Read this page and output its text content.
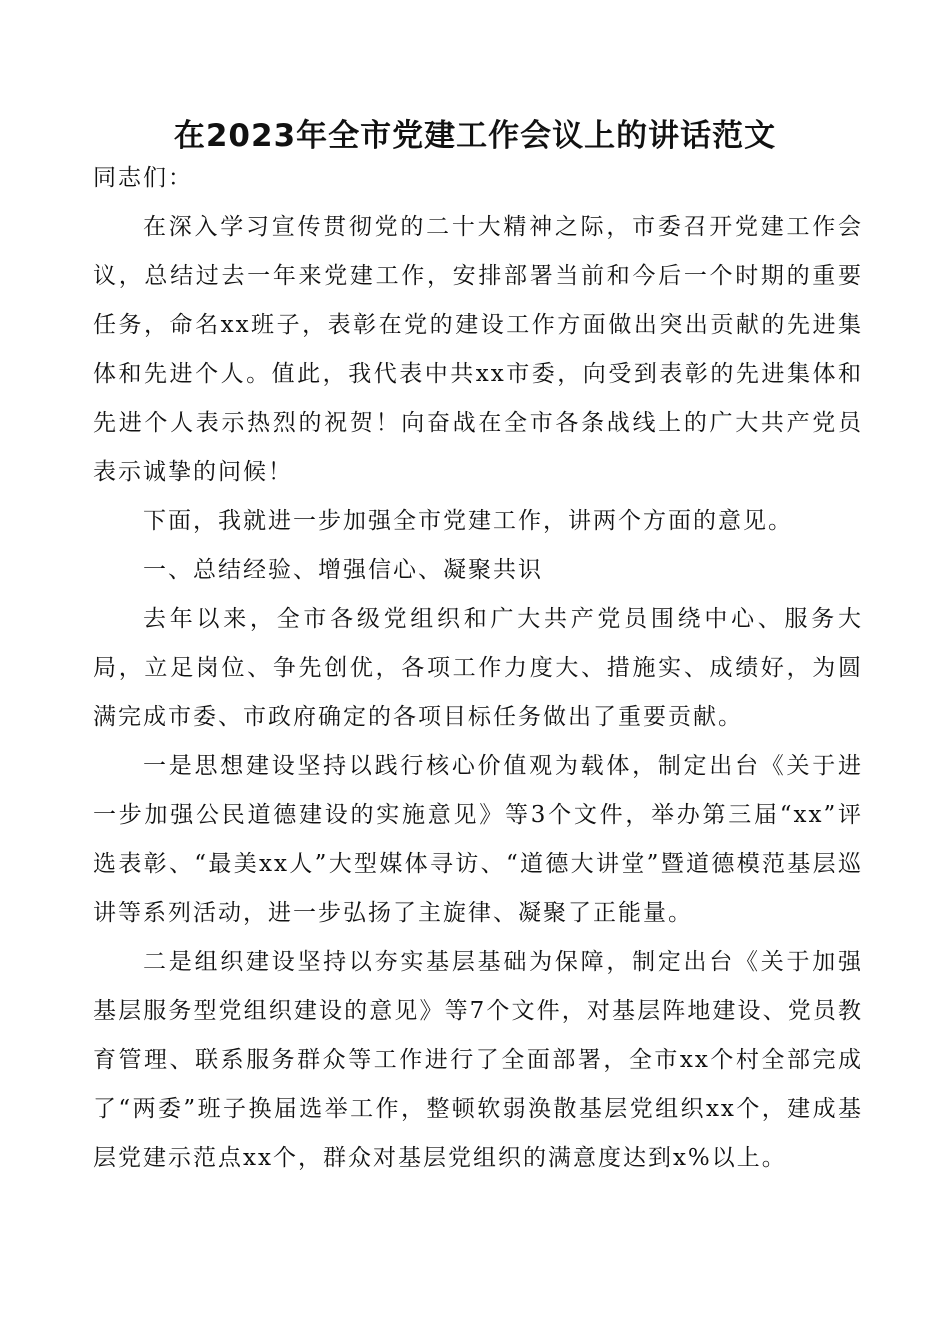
在2023年全市党建工作会议上的讲话范文

同志们：

在深入学习宣传贯彻党的二十大精神之际，市委召开党建工作会议，总结过去一年来党建工作，安排部署当前和今后一个时期的重要任务，命名xx班子，表彰在党的建设工作方面做出突出贡献的先进集体和先进个人。值此，我代表中共xx市委，向受到表彰的先进集体和先进个人表示热烈的祝贺！向奋战在全市各条战线上的广大共产党员表示诚挚的问候！

下面，我就进一步加强全市党建工作，讲两个方面的意见。

一、总结经验、增强信心、凝聚共识

去年以来，全市各级党组织和广大共产党员围绕中心、服务大局，立足岗位、争先创优，各项工作力度大、措施实、成绩好，为圆满完成市委、市政府确定的各项目标任务做出了重要贡献。

一是思想建设坚持以践行核心价值观为载体，制定出台《关于进一步加强公民道德建设的实施意见》等3个文件，举办第三届“xx”评选表彰、“最美xx人”大型媒体寻访、“道德大讲堂”暨道德模范基层巡讲等系列活动，进一步弘扬了主旋律、凝聚了正能量。

二是组织建设坚持以夯实基层基础为保障，制定出台《关于加强基层服务型党组织建设的意见》等7个文件，对基层阵地建设、党员教育管理、联系服务群众等工作进行了全面部署，全市xx个村全部完成了“两委”班子换届选举工作，整顿软弱涣散基层党组织xx个，建成基层党建示范点xx个，群众对基层党组织的满意度达到x%以上。
